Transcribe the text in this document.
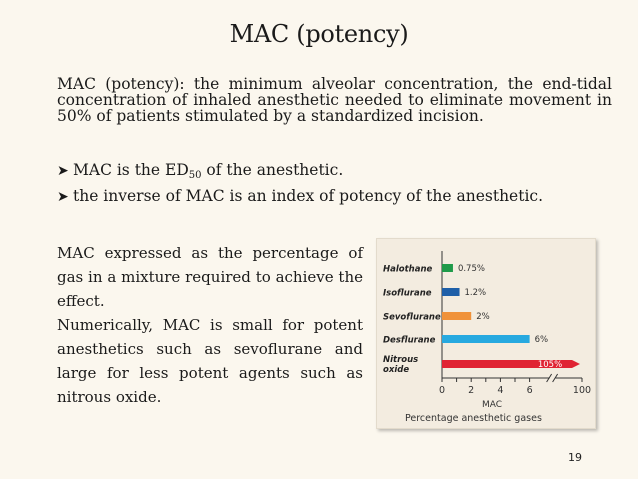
MAC (potency)
MAC (potency): the minimum alveolar concentration, the end-tidal concentration of inhaled anesthetic needed to eliminate movement in 50% of patients stimulated by a standardized incision.
➤ MAC is the $ED_{50}$ of the anesthetic.
➤ the inverse of MAC is an index of potency of the anesthetic.
MAC expressed as the percentage of gas in a mixture required to achieve the effect.
Numerically, MAC is small for potent anesthetics such as sevoflurane and large for less potent agents such as nitrous oxide.	0 2 4 6	100
Halothane	0.75%
Isoflurane	1.2%
Sevoflurane	2%
Desflurane	6%
Nitrous oxide	105%
MAC
Percentage anesthetic gases
19
